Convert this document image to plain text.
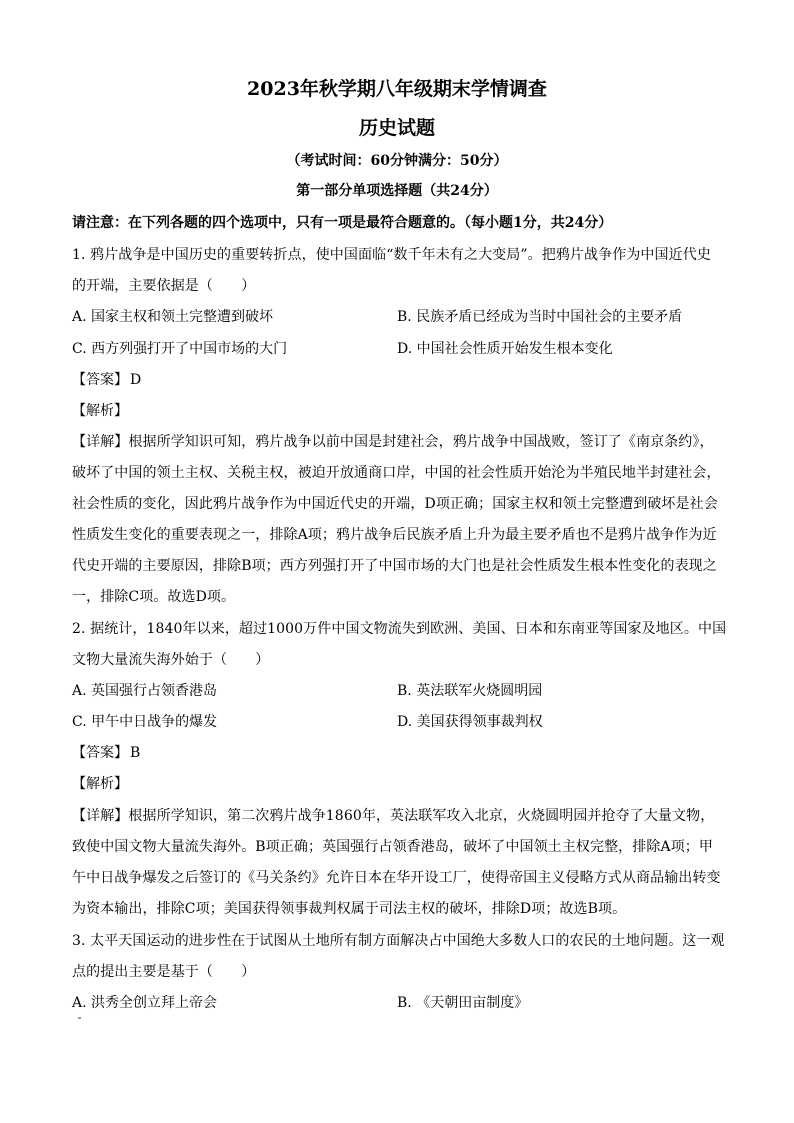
2023年秋学期八年级期末学情调查
历史试题
（考试时间：60分钟满分：50分）
第一部分单项选择题（共24分）
请注意：在下列各题的四个选项中，只有一项是最符合题意的。（每小题1分，共24分）
1. 鸦片战争是中国历史的重要转折点，使中国面临“数千年未有之大变局”。把鸦片战争作为中国近代史
的开端，主要依据是（　　）
A. 国家主权和领土完整遭到破坏	B. 民族矛盾已经成为当时中国社会的主要矛盾
C. 西方列强打开了中国市场的大门	D. 中国社会性质开始发生根本变化
【答案】 D
【解析】
【详解】根据所学知识可知，鸦片战争以前中国是封建社会，鸦片战争中国战败，签订了《南京条约》，
破坏了中国的领土主权、关税主权，被迫开放通商口岸，中国的社会性质开始沦为半殖民地半封建社会，
社会性质的变化，因此鸦片战争作为中国近代史的开端，D项正确；国家主权和领土完整遭到破坏是社会
性质发生变化的重要表现之一，排除A项；鸦片战争后民族矛盾上升为最主要矛盾也不是鸦片战争作为近
代史开端的主要原因，排除B项；西方列强打开了中国市场的大门也是社会性质发生根本性变化的表现之
一，排除C项。故选D项。
2. 据统计，1840年以来，超过1000万件中国文物流失到欧洲、美国、日本和东南亚等国家及地区。中国
文物大量流失海外始于（　　）
A. 英国强行占领香港岛	B. 英法联军火烧圆明园
C. 甲午中日战争的爆发	D. 美国获得领事裁判权
【答案】 B
【解析】
【详解】根据所学知识，第二次鸦片战争1860年，英法联军攻入北京，火烧圆明园并抢夺了大量文物，
致使中国文物大量流失海外。B项正确；英国强行占领香港岛，破坏了中国领土主权完整，排除A项；甲
午中日战争爆发之后签订的《马关条约》允许日本在华开设工厂，使得帝国主义侵略方式从商品输出转变
为资本输出，排除C项；美国获得领事裁判权属于司法主权的破坏，排除D项；故选B项。
3. 太平天国运动的进步性在于试图从土地所有制方面解决占中国绝大多数人口的农民的土地问题。这一观
点的提出主要是基于（　　）
A. 洪秀全创立拜上帝会	B. 《天朝田亩制度》
